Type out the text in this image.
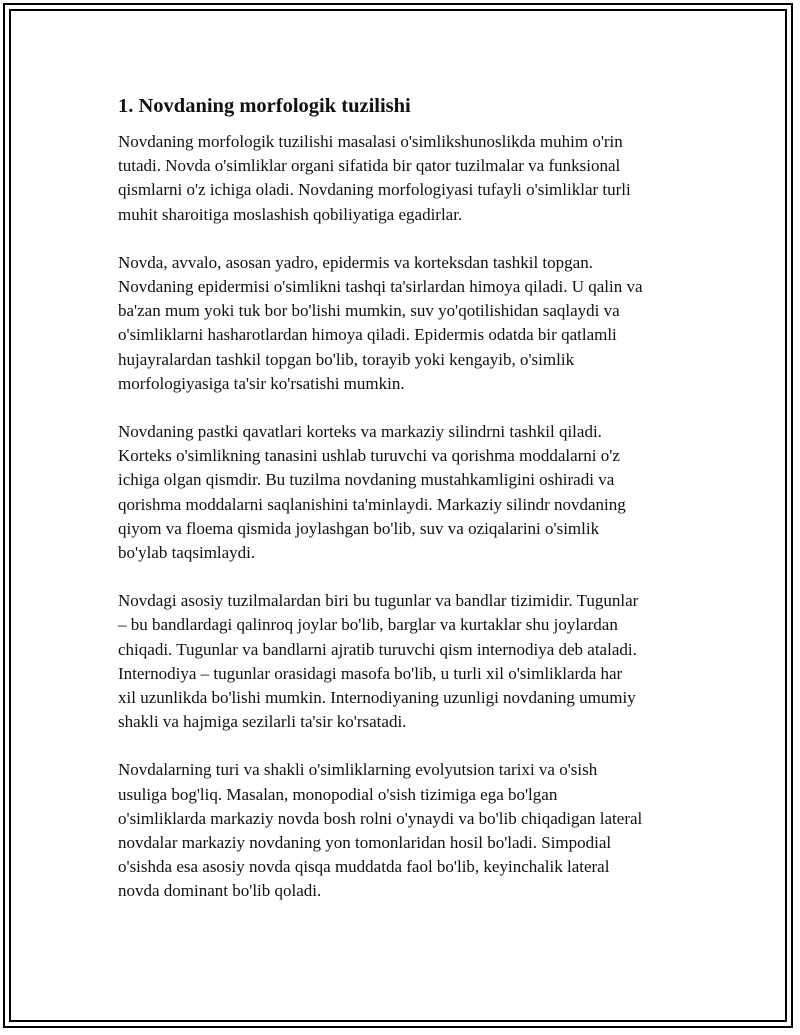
1. Novdaning morfologik tuzilishi

Novdaning morfologik tuzilishi masalasi o'simlikshunoslikda muhim o'rin
tutadi. Novda o'simliklar organi sifatida bir qator tuzilmalar va funksional
qismlarni o'z ichiga oladi. Novdaning morfologiyasi tufayli o'simliklar turli
muhit sharoitiga moslashish qobiliyatiga egadirlar.

Novda, avvalo, asosan yadro, epidermis va korteksdan tashkil topgan.
Novdaning epidermisi o'simlikni tashqi ta'sirlardan himoya qiladi. U qalin va
ba'zan mum yoki tuk bor bo'lishi mumkin, suv yo'qotilishidan saqlaydi va
o'simliklarni hasharotlardan himoya qiladi. Epidermis odatda bir qatlamli
hujayralardan tashkil topgan bo'lib, torayib yoki kengayib, o'simlik
morfologiyasiga ta'sir ko'rsatishi mumkin.

Novdaning pastki qavatlari korteks va markaziy silindrni tashkil qiladi.
Korteks o'simlikning tanasini ushlab turuvchi va qorishma moddalarni o'z
ichiga olgan qismdir. Bu tuzilma novdaning mustahkamligini oshiradi va
qorishma moddalarni saqlanishini ta'minlaydi. Markaziy silindr novdaning
qiyom va floema qismida joylashgan bo'lib, suv va oziqalarini o'simlik
bo'ylab taqsimlaydi.

Novdagi asosiy tuzilmalardan biri bu tugunlar va bandlar tizimidir. Tugunlar
– bu bandlardagi qalinroq joylar bo'lib, barglar va kurtaklar shu joylardan
chiqadi. Tugunlar va bandlarni ajratib turuvchi qism internodiya deb ataladi.
Internodiya – tugunlar orasidagi masofa bo'lib, u turli xil o'simliklarda har
xil uzunlikda bo'lishi mumkin. Internodiyaning uzunligi novdaning umumiy
shakli va hajmiga sezilarli ta'sir ko'rsatadi.

Novdalarning turi va shakli o'simliklarning evolyutsion tarixi va o'sish
usuliga bog'liq. Masalan, monopodial o'sish tizimiga ega bo'lgan
o'simliklarda markaziy novda bosh rolni o'ynaydi va bo'lib chiqadigan lateral
novdalar markaziy novdaning yon tomonlaridan hosil bo'ladi. Simpodial
o'sishda esa asosiy novda qisqa muddatda faol bo'lib, keyinchalik lateral
novda dominant bo'lib qoladi.
